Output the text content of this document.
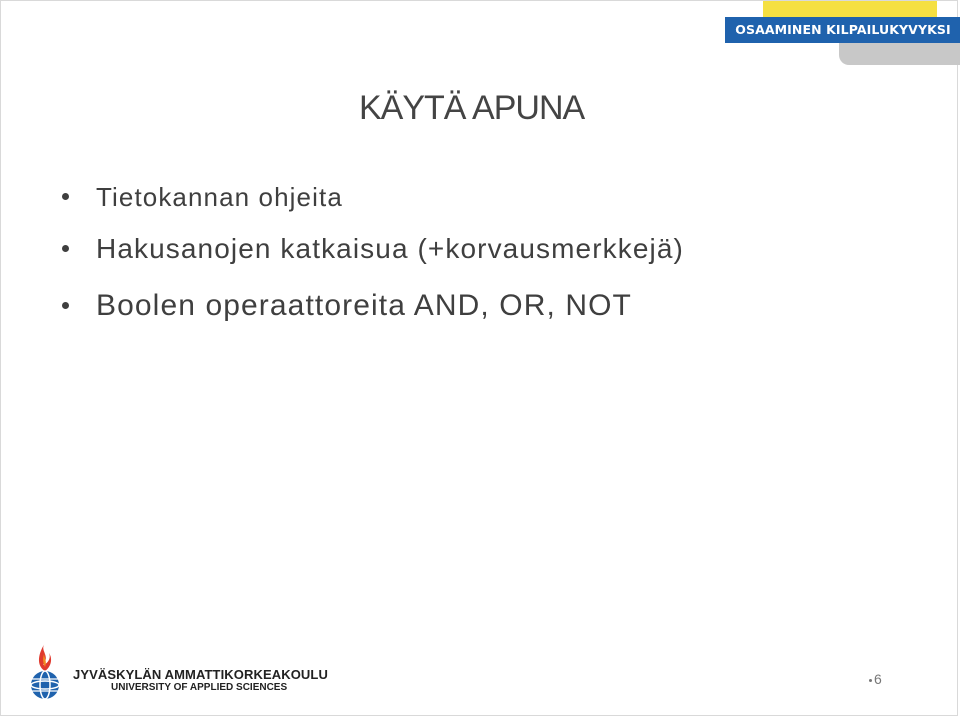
OSAAMINEN KILPAILUKYVYKSI
KÄYTÄ APUNA
Tietokannan ohjeita
Hakusanojen katkaisua (+korvausmerkkejä)
Boolen operaattoreita AND, OR, NOT
JYVÄSKYLÄN AMMATTIKORKEAKOULU
UNIVERSITY OF APPLIED SCIENCES
6
